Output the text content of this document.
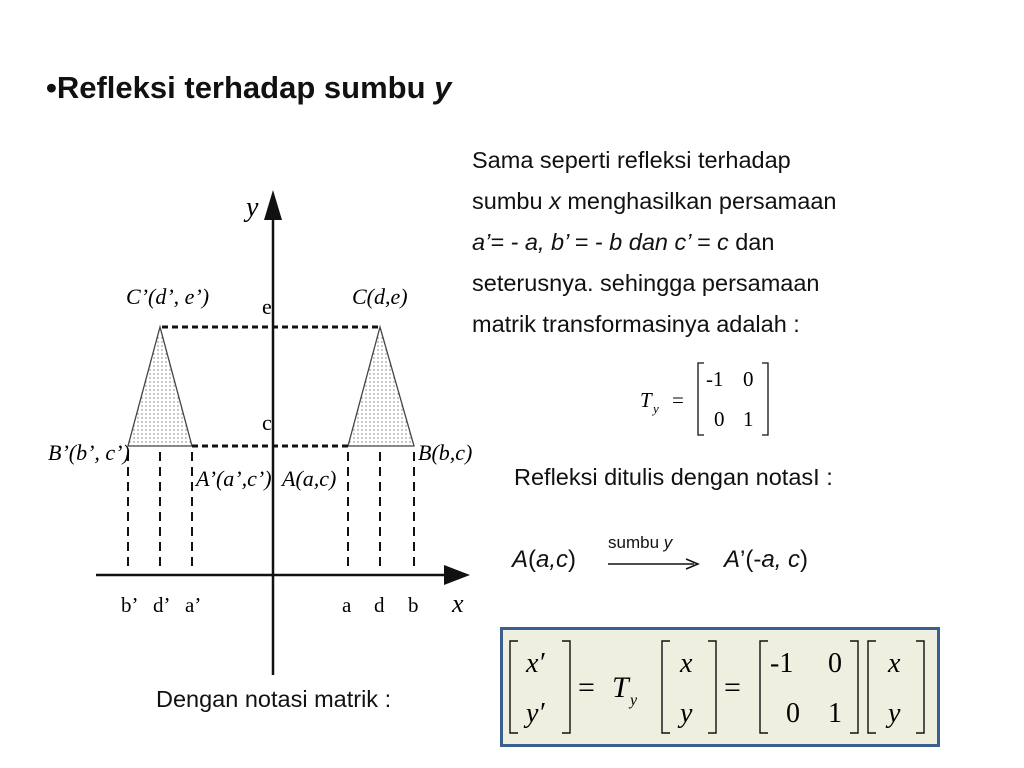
•Refleksi terhadap sumbu y
Sama seperti refleksi terhadap
sumbu x menghasilkan persamaan
a’= - a, b’ = - b dan c’ = c dan
seterusnya. sehingga persamaan
matrik transformasinya adalah :
T y =
-1 0
0 1
Refleksi ditulis dengan notasI :
sumbu y
A(a,c)	A’(-a, c)
Dengan notasi matrik :
x′
y′
= T y
x
y
=
-1 0
0 1
x
y
y
x
e
c
C(d,e)
C’(d’, e’)
B(b,c)
B’(b’, c’)
A(a,c)
A’(a’,c’)
b’ d’ a’	a d b
